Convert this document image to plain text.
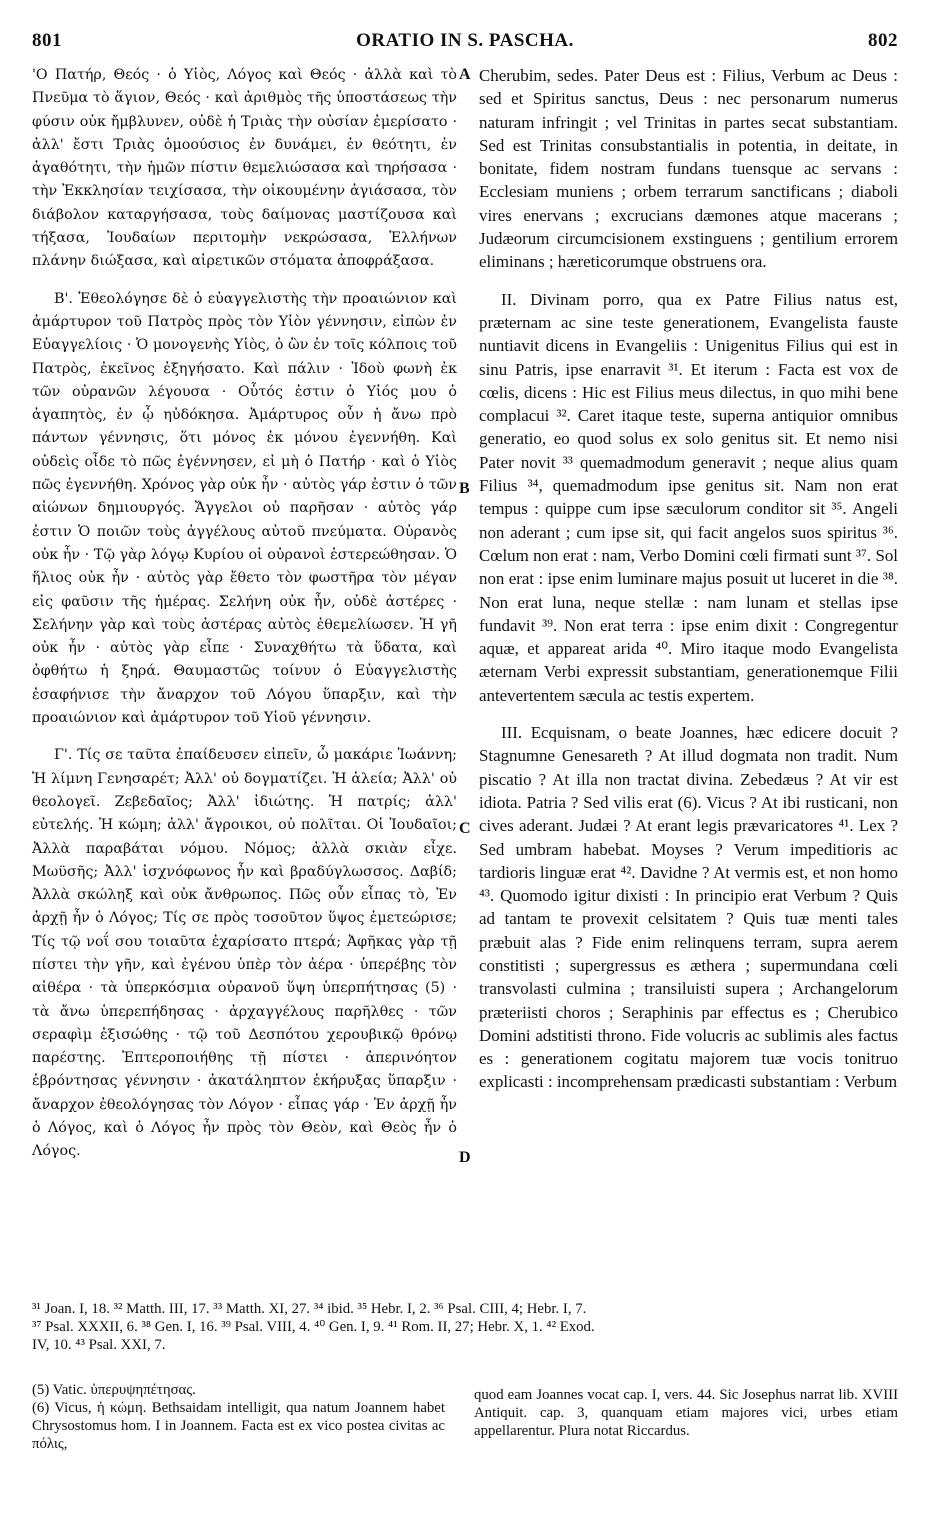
801	ORATIO IN S. PASCHA.	802

'Ο Πατήρ, Θεός · ὁ Υἱὸς, Λόγος καὶ Θεός · ἀλλὰ καὶ τὸ Πνεῦμα τὸ ἅγιον, Θεός · καὶ ἀριθμὸς τῆς ὑποστάσεως τὴν φύσιν οὐκ ἤμβλυνεν, οὐδὲ ἡ Τριὰς τὴν οὐσίαν ἐμερίσατο · ἀλλ' ἔστι Τριὰς ὁμοούσιος ἐν δυνάμει, ἐν θεότητι, ἐν ἀγαθότητι, τὴν ἡμῶν πίστιν θεμελιώσασα καὶ τηρήσασα · τὴν Ἐκκλησίαν τειχίσασα, τὴν οἰκουμένην ἁγιάσασα, τὸν διάβολον καταργήσασα, τοὺς δαίμονας μαστίζουσα καὶ τήξασα, Ἰουδαίων περιτομὴν νεκρώσασα, Ἑλλήνων πλάνην διώξασα, καὶ αἱρετικῶν στόματα ἀποφράξασα.

Β'. Ἐθεολόγησε δὲ ὁ εὐαγγελιστὴς τὴν προαιώνιον καὶ ἀμάρτυρον τοῦ Πατρὸς πρὸς τὸν Υἱὸν γέννησιν, εἰπὼν ἐν Εὐαγγελίοις · Ὁ μονογενὴς Υἱὸς, ὁ ὢν ἐν τοῖς κόλποις τοῦ Πατρὸς, ἐκεῖνος ἐξηγήσατο. Καὶ πάλιν · Ἰδοὺ φωνὴ ἐκ τῶν οὐρανῶν λέγουσα · Οὗτός ἐστιν ὁ Υἱός μου ὁ ἀγαπητὸς, ἐν ᾧ ηὐδόκησα. Ἀμάρτυρος οὖν ἡ ἄνω πρὸ πάντων γέννησις, ὅτι μόνος ἐκ μόνου ἐγεννήθη. Καὶ οὐδεὶς οἶδε τὸ πῶς ἐγέννησεν, εἰ μὴ ὁ Πατήρ · καὶ ὁ Υἱὸς πῶς ἐγεννήθη. Χρόνος γὰρ οὐκ ἦν · αὐτὸς γάρ ἐστιν ὁ τῶν αἰώνων δημιουργός. Ἄγγελοι οὐ παρῆσαν · αὐτὸς γάρ ἐστιν Ὁ ποιῶν τοὺς ἀγγέλους αὐτοῦ πνεύματα. Οὐρανὸς οὐκ ἦν · Τῷ γὰρ λόγῳ Κυρίου οἱ οὐρανοὶ ἐστερεώθησαν. Ὁ ἥλιος οὐκ ἦν · αὐτὸς γὰρ ἔθετο τὸν φωστῆρα τὸν μέγαν εἰς φαῦσιν τῆς ἡμέρας. Σελήνη οὐκ ἦν, οὐδὲ ἀστέρες · Σελήνην γὰρ καὶ τοὺς ἀστέρας αὐτὸς ἐθεμελίωσεν. Ἡ γῆ οὐκ ἦν · αὐτὸς γὰρ εἶπε · Συναχθήτω τὰ ὕδατα, καὶ ὀφθήτω ἡ ξηρά. Θαυμαστῶς τοίνυν ὁ Εὐαγγελιστὴς ἐσαφήνισε τὴν ἄναρχον τοῦ Λόγου ὕπαρξιν, καὶ τὴν προαιώνιον καὶ ἀμάρτυρον τοῦ Υἱοῦ γέννησιν.

Γ'. Τίς σε ταῦτα ἐπαίδευσεν εἰπεῖν, ὦ μακάριε Ἰωάννη; Ἡ λίμνη Γενησαρέτ; Ἀλλ' οὐ δογματίζει. Ἡ ἁλεία; Ἀλλ' οὐ θεολογεῖ. Ζεβεδαῖος; Ἀλλ' ἰδιώτης. Ἡ πατρίς; ἀλλ' εὐτελής. Ἡ κώμη; ἀλλ' ἄγροικοι, οὐ πολῖται. Οἱ Ἰουδαῖοι; Ἀλλὰ παραβάται νόμου. Νόμος; ἀλλὰ σκιὰν εἶχε. Μωϋσῆς; Ἀλλ' ἰσχνόφωνος ἦν καὶ βραδύγλωσσος. Δαβίδ; Ἀλλὰ σκώληξ καὶ οὐκ ἄνθρωπος. Πῶς οὖν εἶπας τὸ, Ἐν ἀρχῇ ἦν ὁ Λόγος; Τίς σε πρὸς τοσοῦτον ὕψος ἐμετεώρισε; Τίς τῷ νοΐ σου τοιαῦτα ἐχαρίσατο πτερά; Ἀφῆκας γὰρ τῇ πίστει τὴν γῆν, καὶ ἐγένου ὑπὲρ τὸν ἀέρα · ὑπερέβης τὸν αἰθέρα · τὰ ὑπερκόσμια οὐρανοῦ ὕψη ὑπερπήτησας (5) · τὰ ἄνω ὑπερεπήδησας · ἀρχαγγέλους παρῆλθες · τῶν σεραφὶμ ἐξισώθης · τῷ τοῦ Δεσπότου χερουβικῷ θρόνῳ παρέστης. Ἐπτεροποιήθης τῇ πίστει · ἀπερινόητον ἐβρόντησας γέννησιν · ἀκατάληπτον ἐκήρυξας ὕπαρξιν · ἄναρχον ἐθεολόγησας τὸν Λόγον · εἶπας γάρ · Ἐν ἀρχῇ ἦν ὁ Λόγος, καὶ ὁ Λόγος ἦν πρὸς τὸν Θεὸν, καὶ Θεὸς ἦν ὁ Λόγος.

A
B
C
D

Cherubim, sedes. Pater Deus est : Filius, Verbum ac Deus : sed et Spiritus sanctus, Deus : nec personarum numerus naturam infringit ; vel Trinitas in partes secat substantiam. Sed est Trinitas consubstantialis in potentia, in deitate, in bonitate, fidem nostram fundans tuensque ac servans : Ecclesiam muniens ; orbem terrarum sanctificans ; diaboli vires enervans ; excrucians dæmones atque macerans ; Judæorum circumcisionem exstinguens ; gentilium errorem eliminans ; hæreticorumque obstruens ora.

II. Divinam porro, qua ex Patre Filius natus est, præternam ac sine teste generationem, Evangelista fauste nuntiavit dicens in Evangeliis : Unigenitus Filius qui est in sinu Patris, ipse enarravit ³¹. Et iterum : Facta est vox de cœlis, dicens : Hic est Filius meus dilectus, in quo mihi bene complacui ³². Caret itaque teste, superna antiquior omnibus generatio, eo quod solus ex solo genitus sit. Et nemo nisi Pater novit ³³ quemadmodum generavit ; neque alius quam Filius ³⁴, quemadmodum ipse genitus sit. Nam non erat tempus : quippe cum ipse sæculorum conditor sit ³⁵. Angeli non aderant ; cum ipse sit, qui facit angelos suos spiritus ³⁶. Cœlum non erat : nam, Verbo Domini cœli firmati sunt ³⁷. Sol non erat : ipse enim luminare majus posuit ut luceret in die ³⁸. Non erat luna, neque stellæ : nam lunam et stellas ipse fundavit ³⁹. Non erat terra : ipse enim dixit : Congregentur aquæ, et appareat arida ⁴⁰. Miro itaque modo Evangelista æternam Verbi expressit substantiam, generationemque Filii antevertentem sæcula ac testis expertem.

III. Ecquisnam, o beate Joannes, hæc edicere docuit ? Stagnumne Genesareth ? At illud dogmata non tradit. Num piscatio ? At illa non tractat divina. Zebedæus ? At vir est idiota. Patria ? Sed vilis erat (6). Vicus ? At ibi rusticani, non cives aderant. Judæi ? At erant legis prævaricatores ⁴¹. Lex ? Sed umbram habebat. Moyses ? Verum impeditioris ac tardioris linguæ erat ⁴². Davidne ? At vermis est, et non homo ⁴³. Quomodo igitur dixisti : In principio erat Verbum ? Quis ad tantam te provexit celsitatem ? Quis tuæ menti tales præbuit alas ? Fide enim relinquens terram, supra aerem constitisti ; supergressus es æthera ; supermundana cœli transvolasti culmina ; transiluisti supera ; Archangelorum præteriisti choros ; Seraphinis par effectus es ; Cherubico Domini adstitisti throno. Fide volucris ac sublimis ales factus es : generationem cogitatu majorem tuæ vocis tonitruo explicasti : incomprehensam prædicasti substantiam : Verbum

³¹ Joan. I, 18. ³² Matth. III, 17. ³³ Matth. XI, 27. ³⁴ ibid. ³⁵ Hebr. I, 2. ³⁶ Psal. CIII, 4; Hebr. I, 7.

³⁷ Psal. XXXII, 6. ³⁸ Gen. I, 16. ³⁹ Psal. VIII, 4. ⁴⁰ Gen. I, 9. ⁴¹ Rom. II, 27; Hebr. X, 1. ⁴² Exod.

IV, 10. ⁴³ Psal. XXI, 7.

(5) Vatic. ὑπερυψηπέτησας.

(6) Vicus, ἡ κώμη. Bethsaidam intelligit, qua natum Joannem habet Chrysostomus hom. I in Joannem. Facta est ex vico postea civitas ac πόλις,

quod eam Joannes vocat cap. I, vers. 44. Sic Josephus narrat lib. XVIII Antiquit. cap. 3, quanquam etiam majores vici, urbes etiam appellarentur. Plura notat Riccardus.
